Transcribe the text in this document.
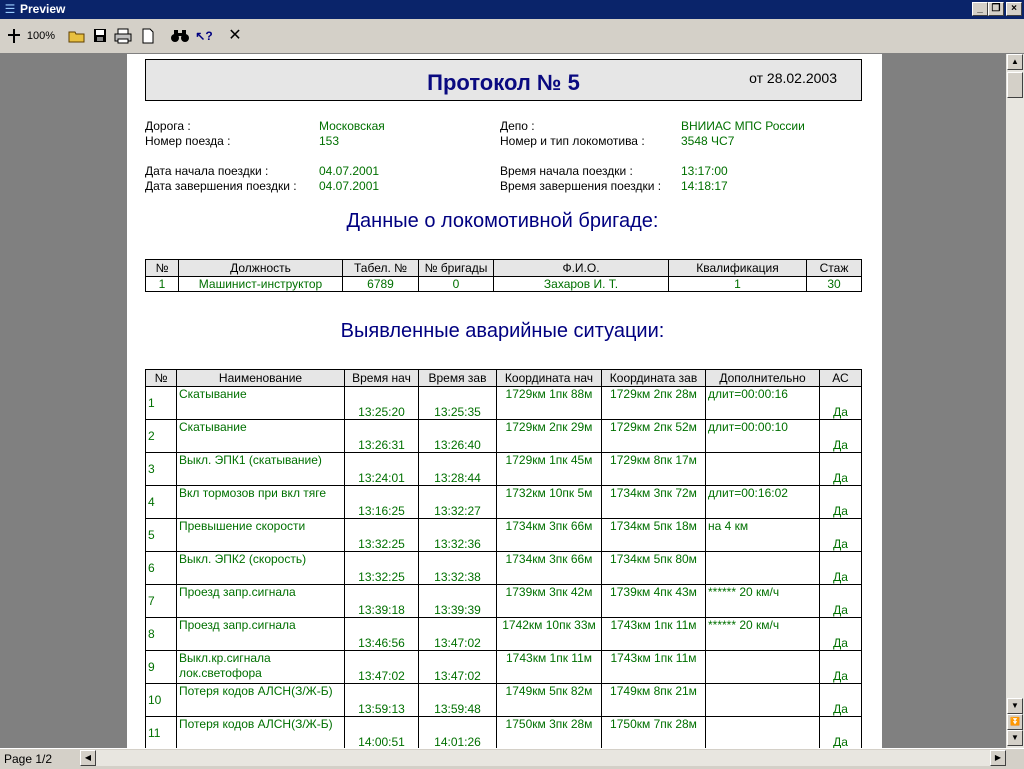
☰ Preview	_ ❐	×
100%	↖? ✕
Протокол № 5	от 28.02.2003
Дорога :	Московская
Номер поезда :	153
Депо :	ВНИИАС МПС России
Номер и тип локомотива :	3548 ЧС7
Дата начала поездки :	04.07.2001
Дата завершения поездки : 04.07.2001
Время начала поездки :	13:17:00
Время завершения поездки : 14:18:17
Данные о локомотивной бригаде:
№	Должность	Табел. №	№ бригады	Ф.И.О.	Квалификация	Стаж
1	Машинист-инструктор	6789	0	Захаров И. Т.	1	30
Выявленные аварийные ситуации:
№	Наименование	Время нач	Время зав	Координата нач	Координата зав	Дополнительно	АС
1	Скатывание	13:25:20	13:25:35	1729км 1пк 88м	1729км 2пк 28м	длит=00:00:16	Да
2	Скатывание	13:26:31	13:26:40	1729км 2пк 29м	1729км 2пк 52м	длит=00:00:10	Да
3	Выкл. ЭПК1 (скатывание)	13:24:01	13:28:44	1729км 1пк 45м	1729км 8пк 17м		Да
4	Вкл тормозов при вкл тяге	13:16:25	13:32:27	1732км 10пк 5м	1734км 3пк 72м	длит=00:16:02	Да
5	Превышение скорости	13:32:25	13:32:36	1734км 3пк 66м	1734км 5пк 18м	на 4 км	Да
6	Выкл. ЭПК2 (скорость)	13:32:25	13:32:38	1734км 3пк 66м	1734км 5пк 80м		Да
7	Проезд запр.сигнала	13:39:18	13:39:39	1739км 3пк 42м	1739км 4пк 43м	****** 20 км/ч	Да
8	Проезд запр.сигнала	13:46:56	13:47:02	1742км 10пк 33м	1743км 1пк 11м	****** 20 км/ч	Да
9	Выкл.кр.сигнала лок.светофора	13:47:02	13:47:02	1743км 1пк 11м	1743км 1пк 11м		Да
10	Потеря кодов АЛСН(З/Ж-Б)	13:59:13	13:59:48	1749км 5пк 82м	1749км 8пк 21м		Да
11	Потеря кодов АЛСН(З/Ж-Б)	14:00:51	14:01:26	1750км 3пк 28м	1750км 7пк 28м		Да
▲
▼
⏬
▼
Page 1/2	◀	▶
